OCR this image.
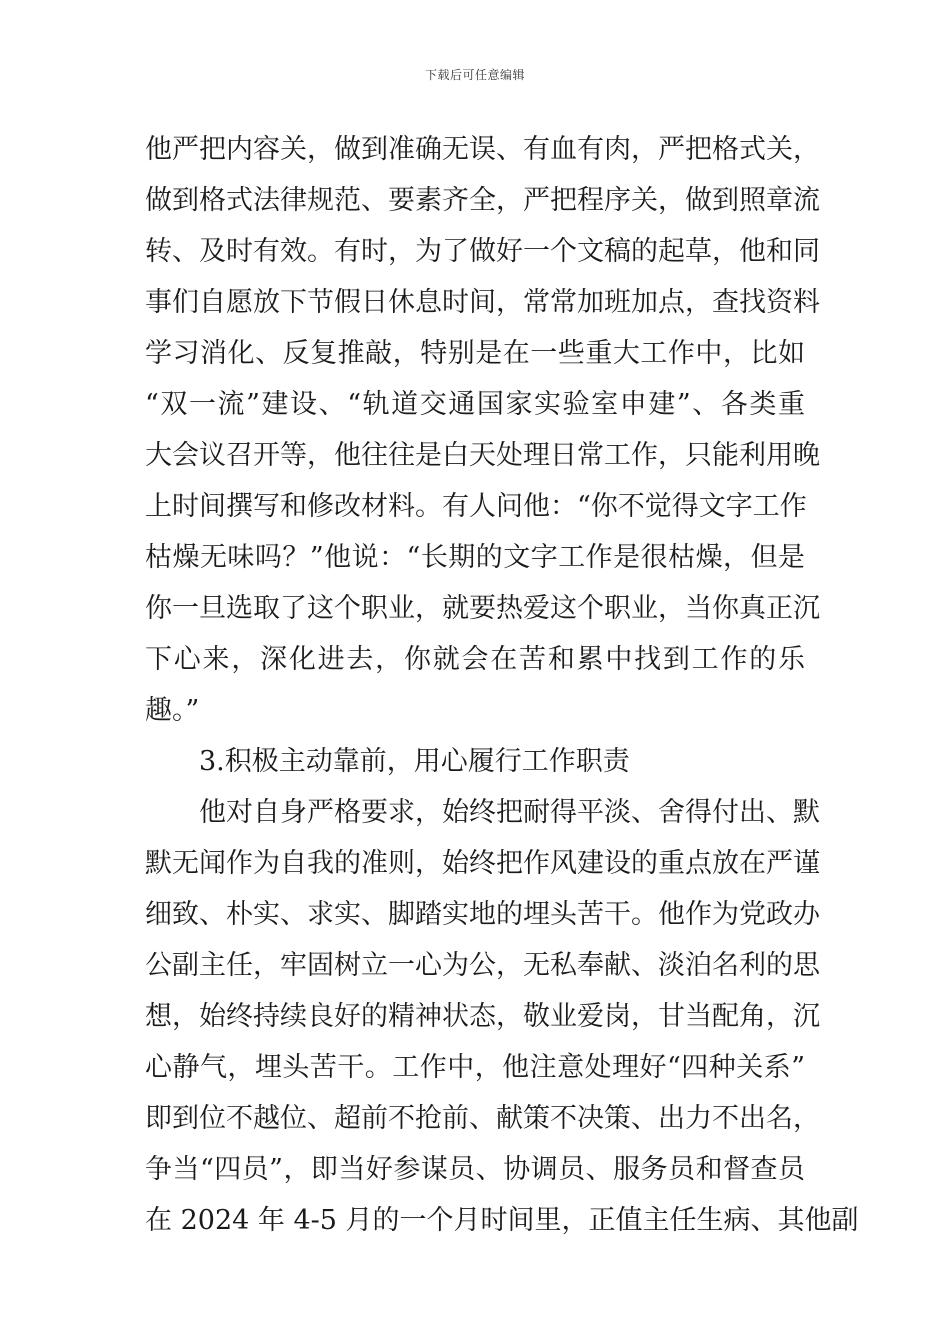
下载后可任意编辑
他严把内容关，做到准确无误、有血有肉，严把格式关，
做到格式法律规范、要素齐全，严把程序关，做到照章流
转、及时有效。有时，为了做好一个文稿的起草，他和同
事们自愿放下节假日休息时间，常常加班加点，查找资料
学习消化、反复推敲，特别是在一些重大工作中，比如
“双一流”建设、“轨道交通国家实验室申建”、各类重
大会议召开等，他往往是白天处理日常工作，只能利用晚
上时间撰写和修改材料。有人问他：“你不觉得文字工作
枯燥无味吗？”他说：“长期的文字工作是很枯燥，但是
你一旦选取了这个职业，就要热爱这个职业，当你真正沉
下心来，深化进去，你就会在苦和累中找到工作的乐
趣。”
3.积极主动靠前，用心履行工作职责
他对自身严格要求，始终把耐得平淡、舍得付出、默
默无闻作为自我的准则，始终把作风建设的重点放在严谨
细致、朴实、求实、脚踏实地的埋头苦干。他作为党政办
公副主任，牢固树立一心为公，无私奉献、淡泊名利的思
想，始终持续良好的精神状态，敬业爱岗，甘当配角，沉
心静气，埋头苦干。工作中，他注意处理好“四种关系”
即到位不越位、超前不抢前、献策不决策、出力不出名，
争当“四员”，即当好参谋员、协调员、服务员和督查员
在 2024 年 4-5 月的一个月时间里，正值主任生病、其他副
